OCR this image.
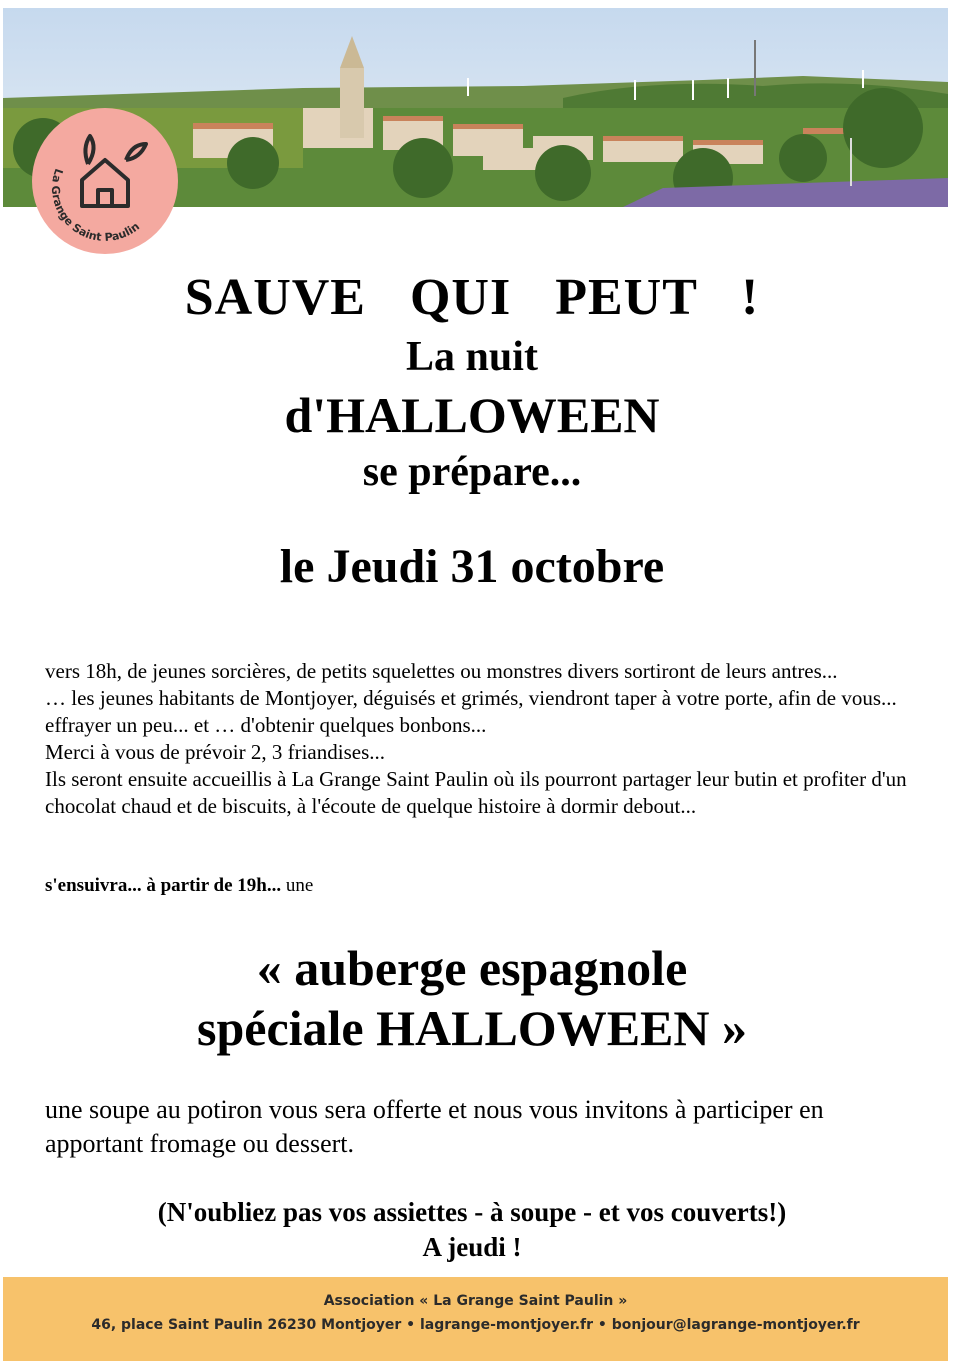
La Grange Saint Paulin
SAUVE QUI PEUT !
La nuit
d'HALLOWEEN
se prépare...
le Jeudi 31 octobre

vers 18h, de jeunes sorcières, de petits squelettes ou monstres divers sortiront de leurs antres...

… les jeunes habitants de Montjoyer, déguisés et grimés, viendront taper à votre porte, afin de vous... effrayer un peu... et … d'obtenir quelques bonbons...

Merci à vous de prévoir 2, 3 friandises...

Ils seront ensuite accueillis à La Grange Saint Paulin où ils pourront partager leur butin et profiter d'un chocolat chaud et de biscuits, à l'écoute de quelque histoire à dormir debout...

s'ensuivra... à partir de 19h... une
« auberge espagnole
spéciale HALLOWEEN »
une soupe au potiron vous sera offerte et nous vous invitons à participer en apportant fromage ou dessert.
(N'oubliez pas vos assiettes - à soupe - et vos couverts!)
A jeudi !
Association « La Grange Saint Paulin »
46, place Saint Paulin 26230 Montjoyer • lagrange-montjoyer.fr • bonjour@lagrange-montjoyer.fr
